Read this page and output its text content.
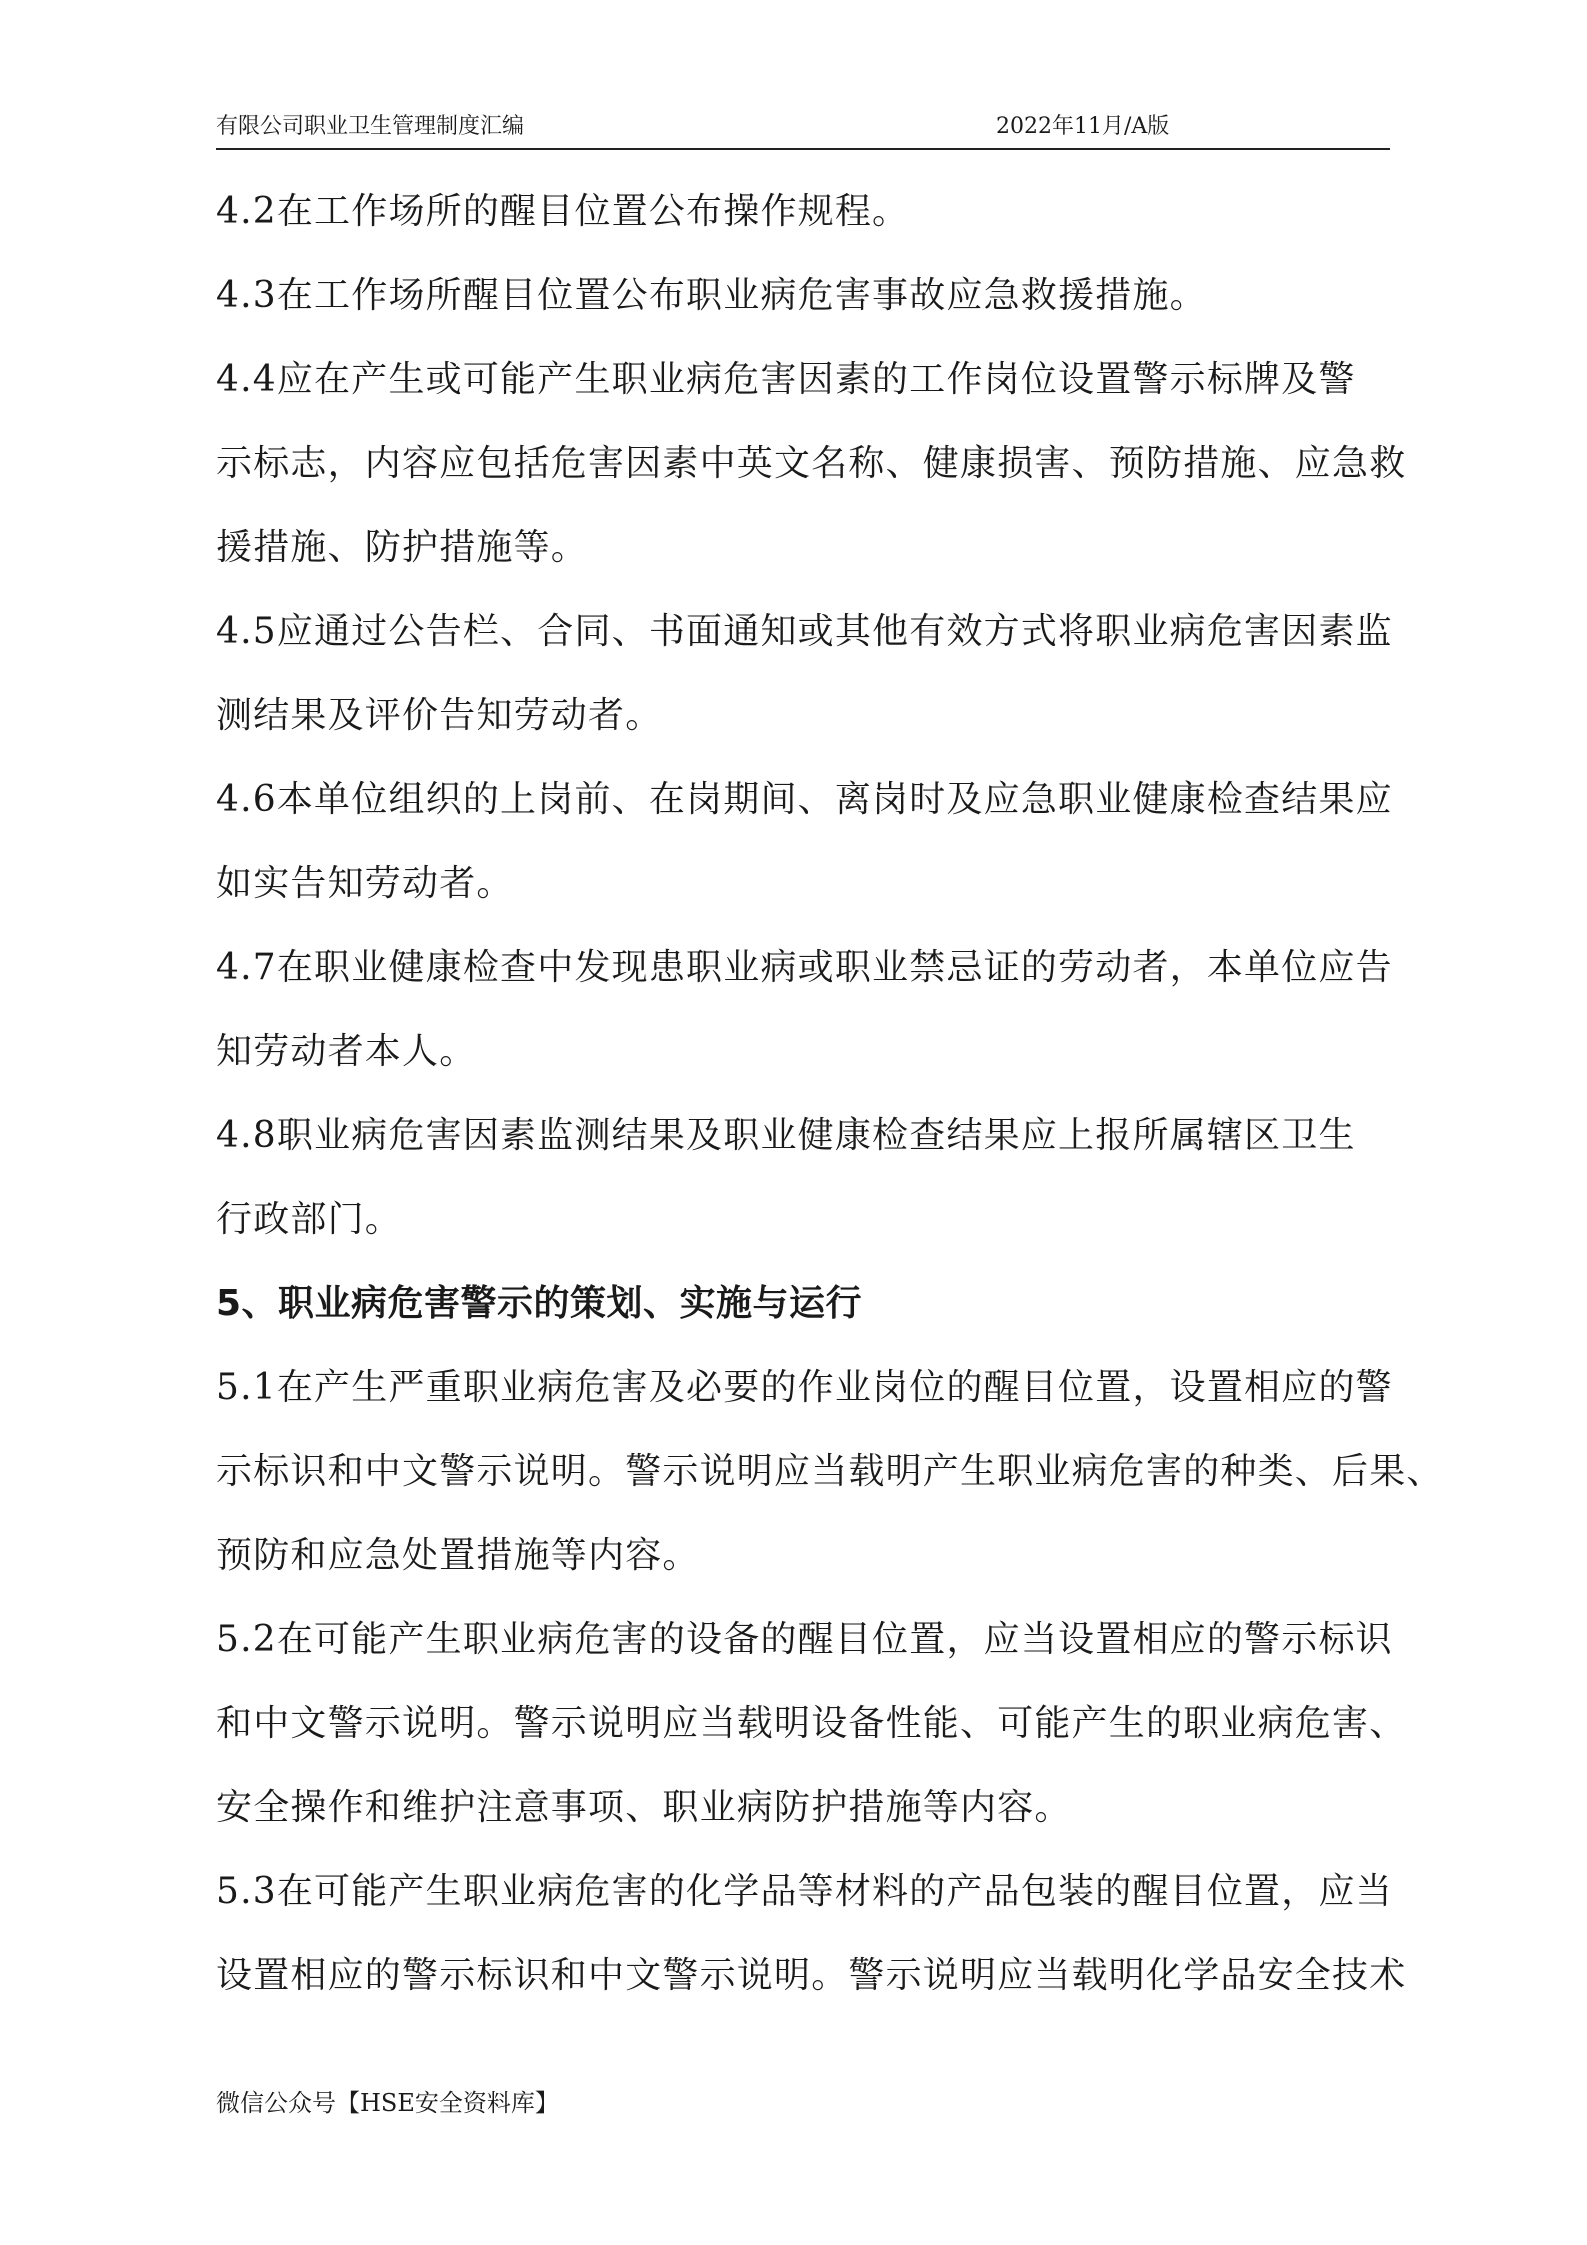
有限公司职业卫生管理制度汇编	2022年11月/A版
4.2在工作场所的醒目位置公布操作规程。
4.3在工作场所醒目位置公布职业病危害事故应急救援措施。
4.4应在产生或可能产生职业病危害因素的工作岗位设置警示标牌及警
示标志，内容应包括危害因素中英文名称、健康损害、预防措施、应急救
援措施、防护措施等。
4.5应通过公告栏、合同、书面通知或其他有效方式将职业病危害因素监
测结果及评价告知劳动者。
4.6本单位组织的上岗前、在岗期间、离岗时及应急职业健康检查结果应
如实告知劳动者。
4.7在职业健康检查中发现患职业病或职业禁忌证的劳动者，本单位应告
知劳动者本人。
4.8职业病危害因素监测结果及职业健康检查结果应上报所属辖区卫生
行政部门。
5、职业病危害警示的策划、实施与运行
5.1在产生严重职业病危害及必要的作业岗位的醒目位置，设置相应的警
示标识和中文警示说明。警示说明应当载明产生职业病危害的种类、后果、
预防和应急处置措施等内容。
5.2在可能产生职业病危害的设备的醒目位置，应当设置相应的警示标识
和中文警示说明。警示说明应当载明设备性能、可能产生的职业病危害、
安全操作和维护注意事项、职业病防护措施等内容。
5.3在可能产生职业病危害的化学品等材料的产品包装的醒目位置，应当
设置相应的警示标识和中文警示说明。警示说明应当载明化学品安全技术
微信公众号【HSE安全资料库】
